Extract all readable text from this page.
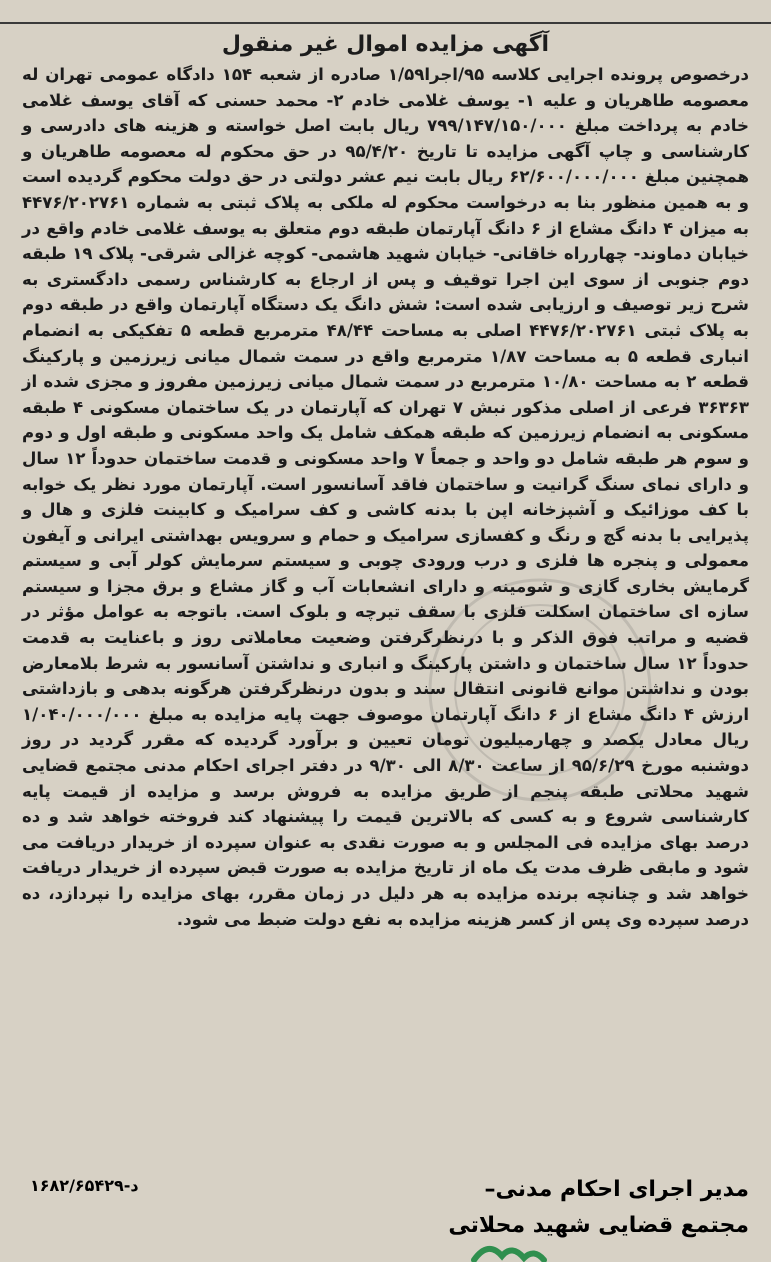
آگهی مزایده اموال غیر منقول

درخصوص پرونده اجرایی کلاسه ۹۵/اجرا۱/۵۹ صادره از شعبه ۱۵۴ دادگاه عمومی تهران له معصومه طاهریان و علیه ۱- یوسف غلامی خادم ۲- محمد حسنی که آقای یوسف غلامی خادم به پرداخت مبلغ ۷۹۹/۱۴۷/۱۵۰/۰۰۰ ریال بابت اصل خواسته و هزینه های دادرسی و کارشناسی و چاپ آگهی مزایده تا تاریخ ۹۵/۴/۲۰ در حق محکوم له معصومه طاهریان و همچنین مبلغ ۶۲/۶۰۰/۰۰۰/۰۰۰ ریال بابت نیم عشر دولتی در حق دولت محکوم گردیده است و به همین منظور بنا به درخواست محکوم له ملکی به پلاک ثبتی به شماره ۴۴۷۶/۲۰۲۷۶۱ به میزان ۴ دانگ مشاع از ۶ دانگ آپارتمان طبقه دوم متعلق به یوسف غلامی خادم واقع در خیابان دماوند- چهارراه خاقانی- خیابان شهید هاشمی- کوچه غزالی شرقی- پلاک ۱۹ طبقه دوم جنوبی از سوی این اجرا توقیف و پس از ارجاع به کارشناس رسمی دادگستری به شرح زیر توصیف و ارزیابی شده است: شش دانگ یک دستگاه آپارتمان واقع در طبقه دوم به پلاک ثبتی ۴۴۷۶/۲۰۲۷۶۱ اصلی به مساحت ۴۸/۴۴ مترمربع قطعه ۵ تفکیکی به انضمام انباری قطعه ۵ به مساحت ۱/۸۷ مترمربع واقع در سمت شمال میانی زیرزمین و پارکینگ قطعه ۲ به مساحت ۱۰/۸۰ مترمربع در سمت شمال میانی زیرزمین مفروز و مجزی شده از ۳۶۳۶۳ فرعی از اصلی مذکور نبش ۷ تهران که آپارتمان در یک ساختمان مسکونی ۴ طبقه مسکونی به انضمام زیرزمین که طبقه همکف شامل یک واحد مسکونی و طبقه اول و دوم و سوم هر طبقه شامل دو واحد و جمعاً ۷ واحد مسکونی و قدمت ساختمان حدوداً ۱۲ سال و دارای نمای سنگ گرانیت و ساختمان فاقد آسانسور است. آپارتمان مورد نظر یک خوابه با کف موزائیک و آشپزخانه اپن با بدنه کاشی و کف سرامیک و کابینت فلزی و هال و پذیرایی با بدنه گچ و رنگ و کفسازی سرامیک و حمام و سرویس بهداشتی ایرانی و آیفون معمولی و پنجره ها فلزی و درب ورودی چوبی و سیستم سرمایش کولر آبی و سیستم گرمایش بخاری گازی و شومینه و دارای انشعابات آب و گاز مشاع و برق مجزا و سیستم سازه ای ساختمان اسکلت فلزی با سقف تیرچه و بلوک است. باتوجه به عوامل مؤثر در قضیه و مراتب فوق الذکر و با درنظرگرفتن وضعیت معاملاتی روز و باعنایت به قدمت حدوداً ۱۲ سال ساختمان و داشتن پارکینگ و انباری و نداشتن آسانسور به شرط بلامعارض بودن و نداشتن موانع قانونی انتقال سند و بدون درنظرگرفتن هرگونه بدهی و بازداشتی ارزش ۴ دانگ مشاع از ۶ دانگ آپارتمان موصوف جهت پایه مزایده به مبلغ ۱/۰۴۰/۰۰۰/۰۰۰ ریال معادل یکصد و چهارمیلیون تومان تعیین و برآورد گردیده که مقرر گردید در روز دوشنبه مورخ ۹۵/۶/۲۹ از ساعت ۸/۳۰ الی ۹/۳۰ در دفتر اجرای احکام مدنی مجتمع قضایی شهید محلاتی طبقه پنجم از طریق مزایده به فروش برسد و مزایده از قیمت پایه کارشناسی شروع و به کسی که بالاترین قیمت را پیشنهاد کند فروخته خواهد شد و ده درصد بهای مزایده فی المجلس و به صورت نقدی به عنوان سپرده از خریدار دریافت می شود و مابقی ظرف مدت یک ماه از تاریخ مزایده به صورت قبض سپرده از خریدار دریافت خواهد شد و چنانچه برنده مزایده به هر دلیل در زمان مقرر، بهای مزایده را نپردازد، ده درصد سپرده وی پس از کسر هزینه مزایده به نفع دولت ضبط می شود.

مدیر اجرای احکام مدنی–
مجتمع قضایی شهید محلاتی
د-۱۶۸۲/۶۵۴۲۹
